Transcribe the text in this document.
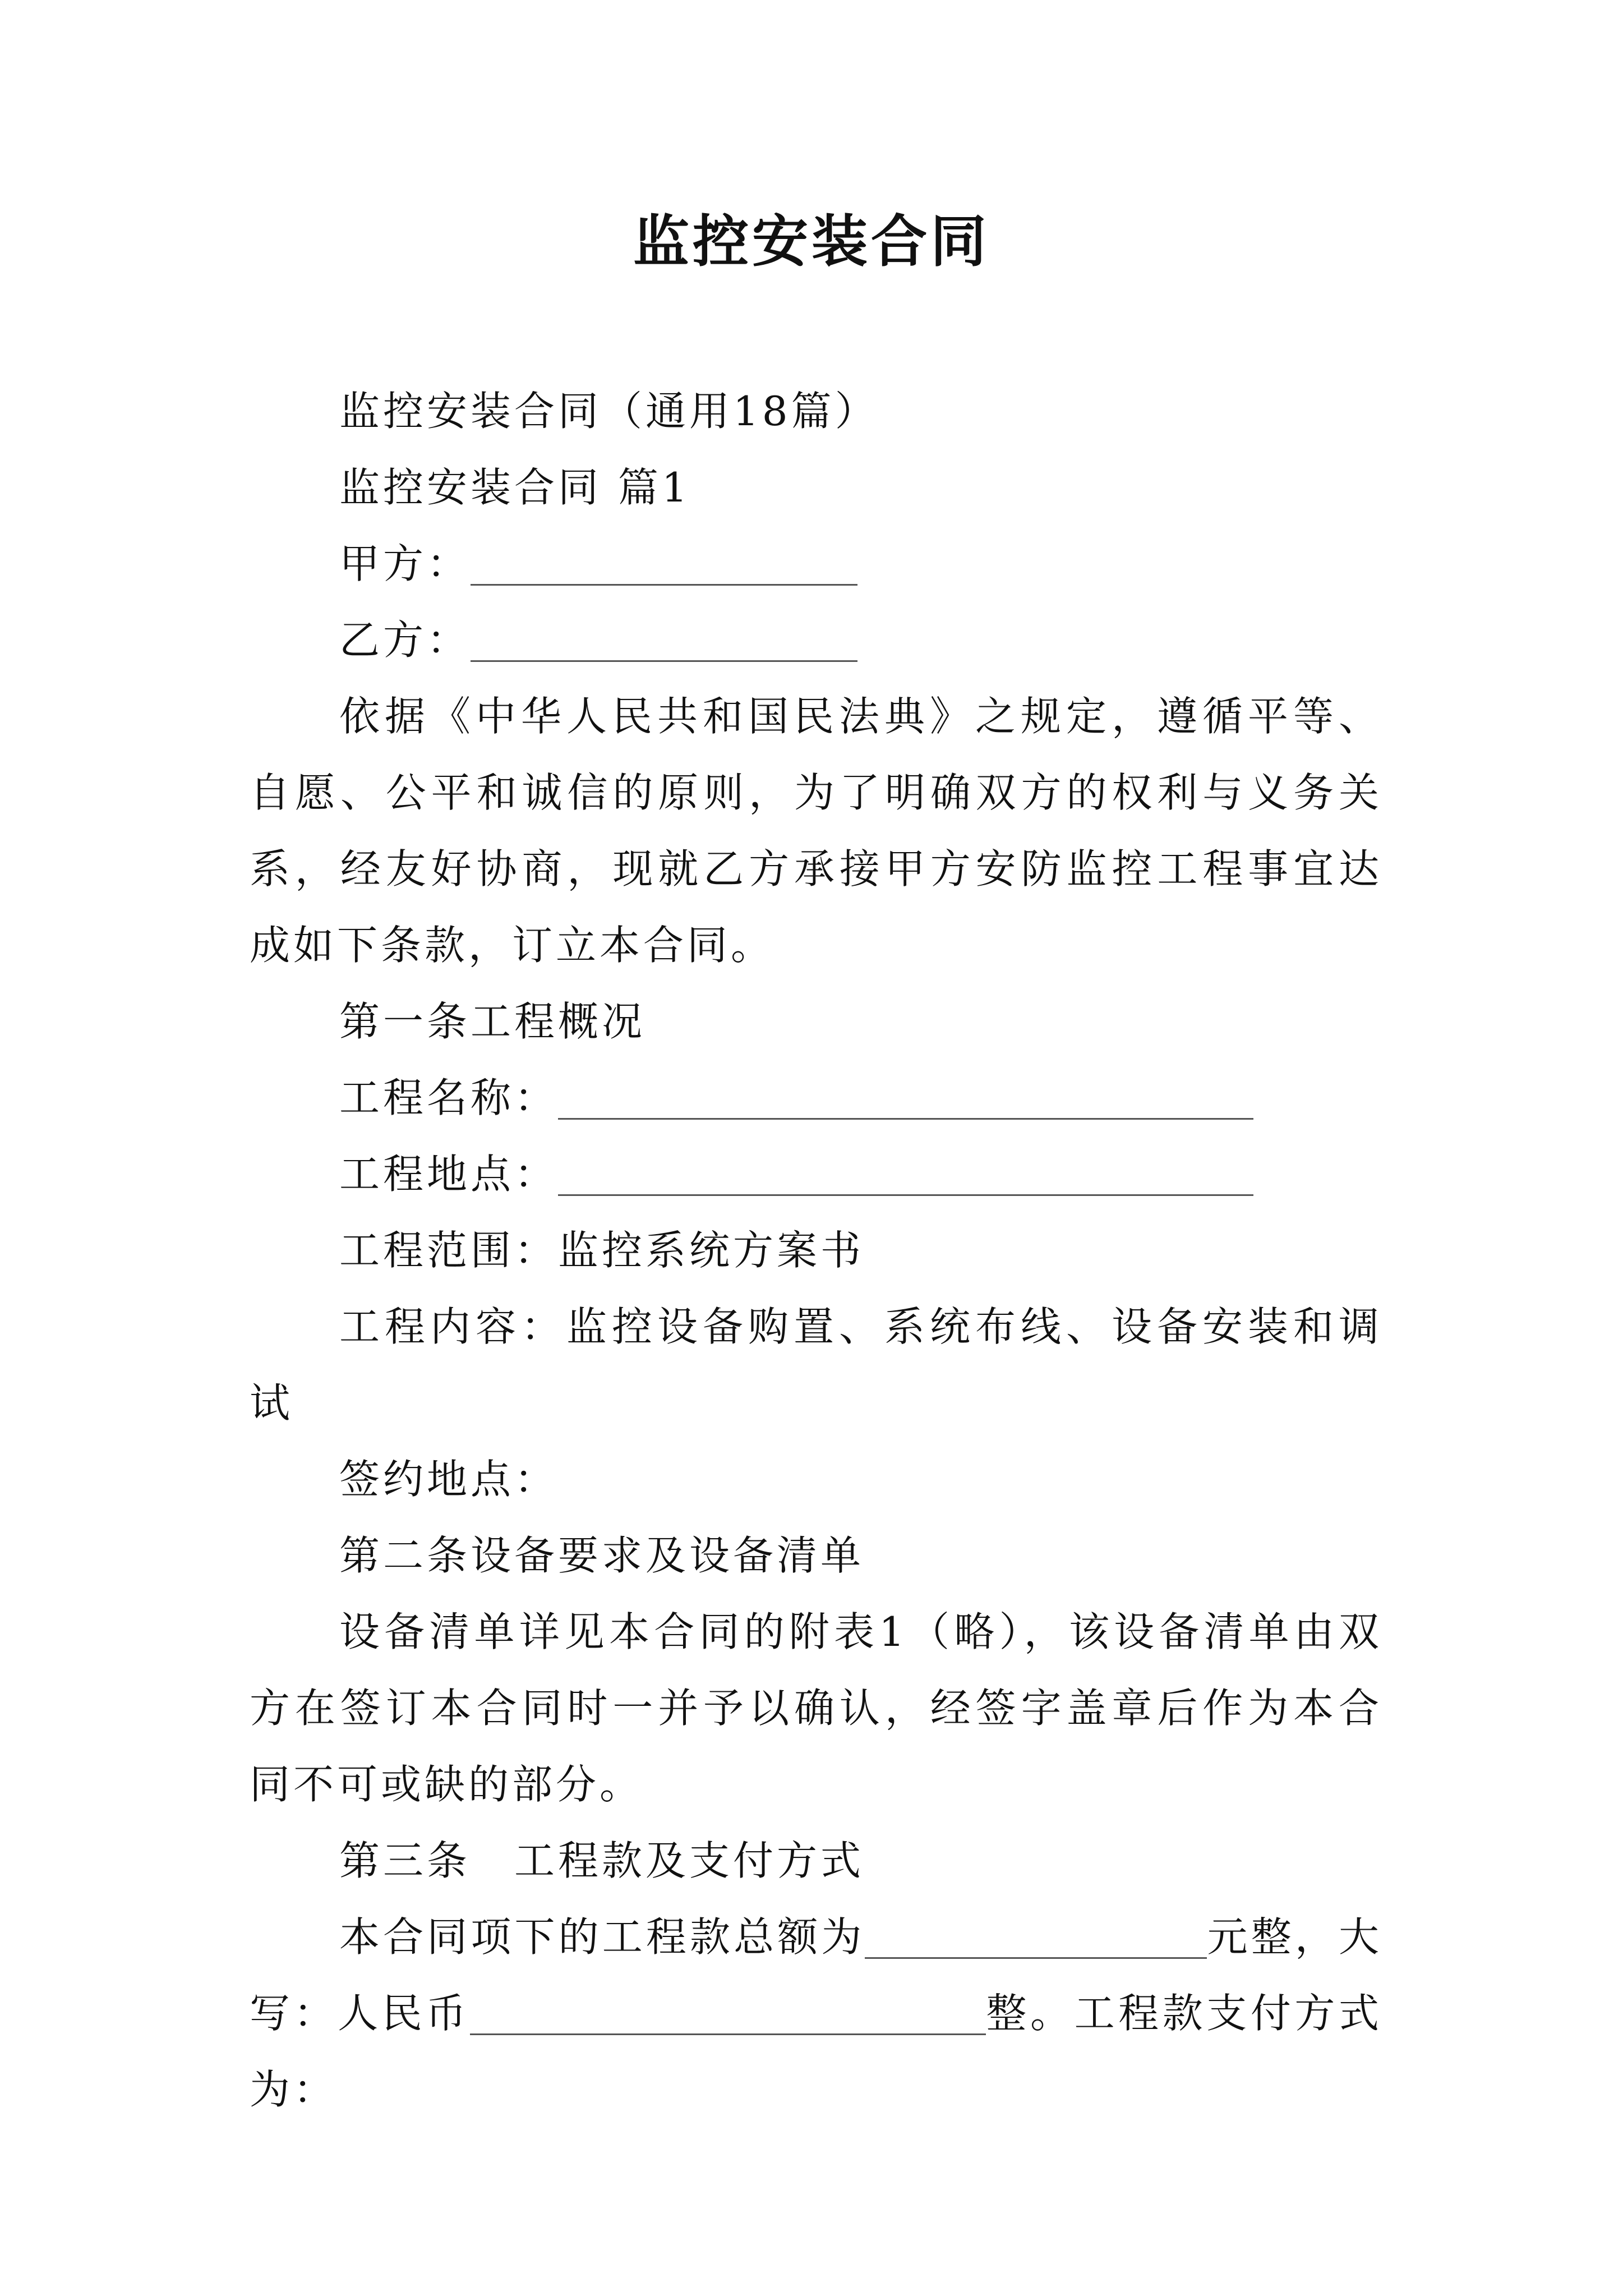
监控安装合同

监控安装合同（通用18篇）

监控安装合同 篇1

甲方：

乙方：

依据《中华人民共和国民法典》之规定，遵循平等、自愿、公平和诚信的原则，为了明确双方的权利与义务关系，经友好协商，现就乙方承接甲方安防监控工程事宜达成如下条款，订立本合同。

第一条工程概况

工程名称：

工程地点：

工程范围：监控系统方案书

工程内容：监控设备购置、系统布线、设备安装和调试

签约地点：

第二条设备要求及设备清单

设备清单详见本合同的附表1（略），该设备清单由双方在签订本合同时一并予以确认，经签字盖章后作为本合同不可或缺的部分。

第三条　工程款及支付方式

本合同项下的工程款总额为	元整，大写：人民币	整。工程款支付方式为：
